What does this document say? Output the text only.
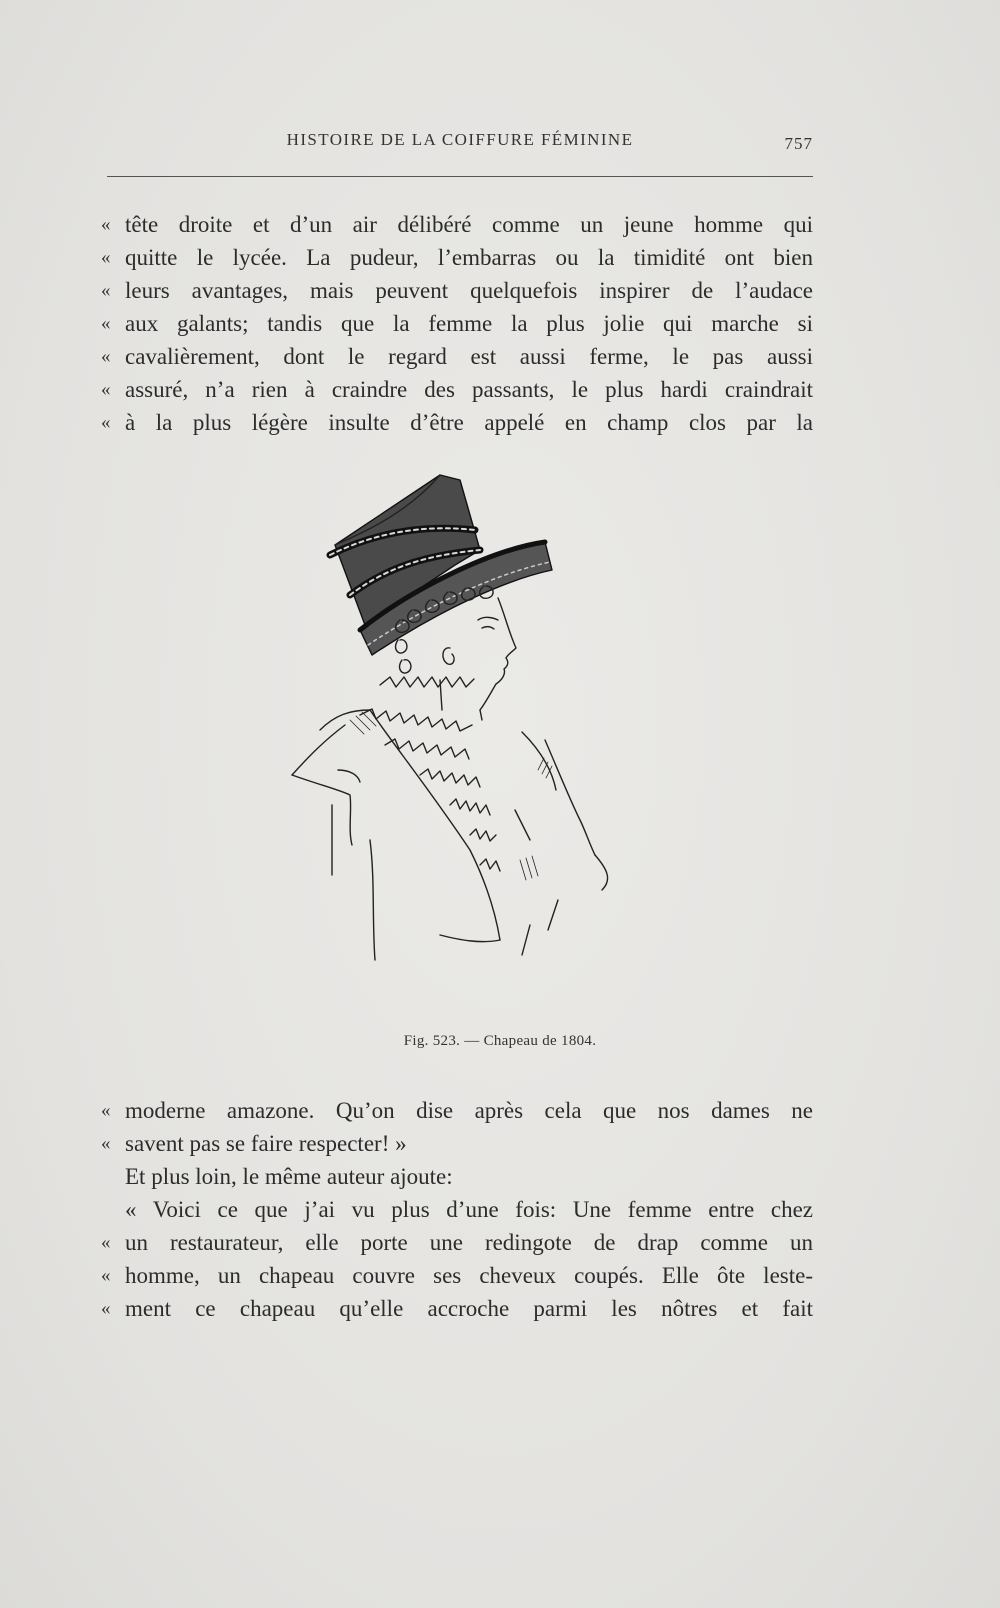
HISTOIRE DE LA COIFFURE FÉMININE	757
« tête droite et d’un air délibéré comme un jeune homme qui
« quitte le lycée. La pudeur, l’embarras ou la timidité ont bien
« leurs avantages, mais peuvent quelquefois inspirer de l’audace
« aux galants; tandis que la femme la plus jolie qui marche si
« cavalièrement, dont le regard est aussi ferme, le pas aussi
« assuré, n’a rien à craindre des passants, le plus hardi craindrait
« à la plus légère insulte d’être appelé en champ clos par la
Fig. 523. — Chapeau de 1804.
« moderne amazone. Qu’on dise après cela que nos dames ne
« savent pas se faire respecter! »
Et plus loin, le même auteur ajoute:
« Voici ce que j’ai vu plus d’une fois: Une femme entre chez
« un restaurateur, elle porte une redingote de drap comme un
« homme, un chapeau couvre ses cheveux coupés. Elle ôte leste-
« ment ce chapeau qu’elle accroche parmi les nôtres et fait
